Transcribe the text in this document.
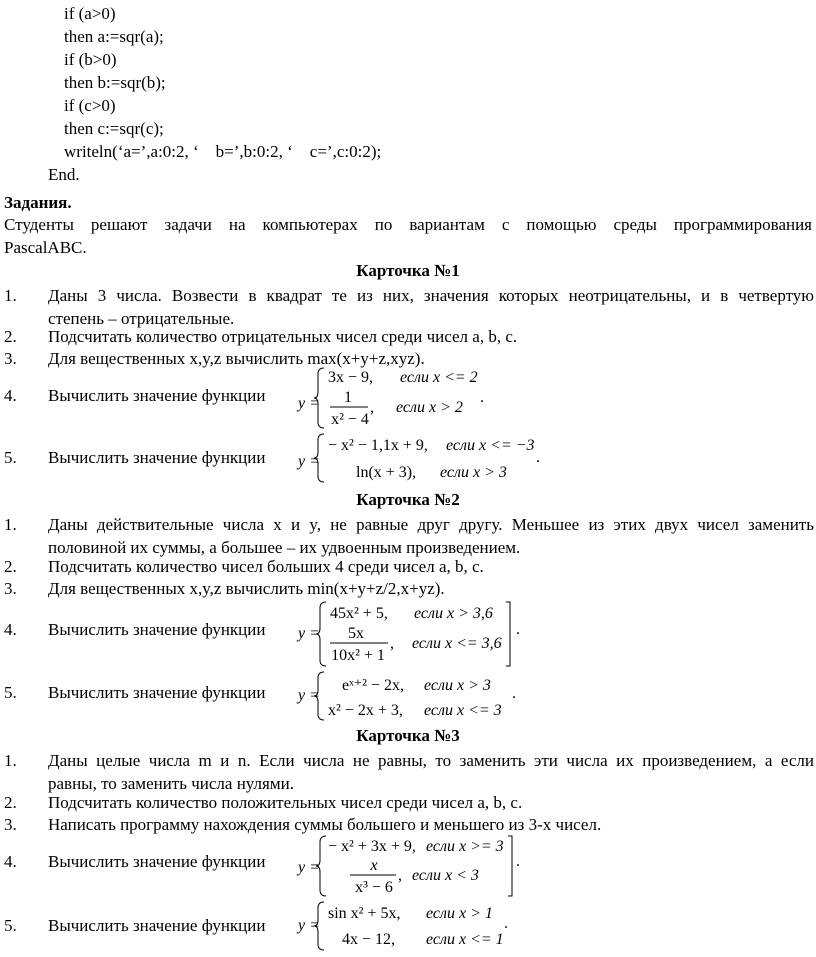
if (a>0)
then a:=sqr(a);
if (b>0)
then b:=sqr(b);
if (c>0)
then c:=sqr(c);
writeln(‘a=’,a:0:2, ‘    b=’,b:0:2, ‘    c=’,c:0:2);
End.
Задания.
Студенты решают задачи на компьютерах по вариантам с помощью среды программирования
PascalABC.
Карточка №1
1. Даны 3 числа. Возвести в квадрат те из них, значения которых неотрицательны, и в четвертую
степень – отрицательные.
2. Подсчитать количество отрицательных чисел среди чисел a, b, c.
3. Для вещественных x,y,z вычислить max(x+y+z,xyz).
4. Вычислить значение функции	y =
3x − 9, если x <= 2
1
x² − 4
, если x > 2
.
5. Вычислить значение функции	y =
− x² − 1,1x + 9, если x <= −3
ln(x + 3), если x > 3
.
Карточка №2
1. Даны действительные числа x и y, не равные друг другу. Меньшее из этих двух чисел заменить
половиной их суммы, а большее – их удвоенным произведением.
2. Подсчитать количество чисел больших 4 среди чисел a, b, c.
3. Для вещественных x,y,z вычислить min(x+y+z/2,x+yz).
4. Вычислить значение функции	y =
45x² + 5, если x > 3,6
5x
10x² + 1
, если x <= 3,6
.
5. Вычислить значение функции	y =
eˣ⁺² − 2x, если x > 3
x² − 2x + 3, если x <= 3
.
Карточка №3
1. Даны целые числа m и n. Если числа не равны, то заменить эти числа их произведением, а если
равны, то заменить числа нулями.
2. Подсчитать количество положительных чисел среди чисел a, b, c.
3. Написать программу нахождения суммы большего и меньшего из 3-х чисел.
4. Вычислить значение функции	y =
− x² + 3x + 9, если x >= 3
x
x³ − 6
, если x < 3
.
5. Вычислить значение функции	y =
sin x² + 5x, если x > 1
4x − 12, если x <= 1
.
